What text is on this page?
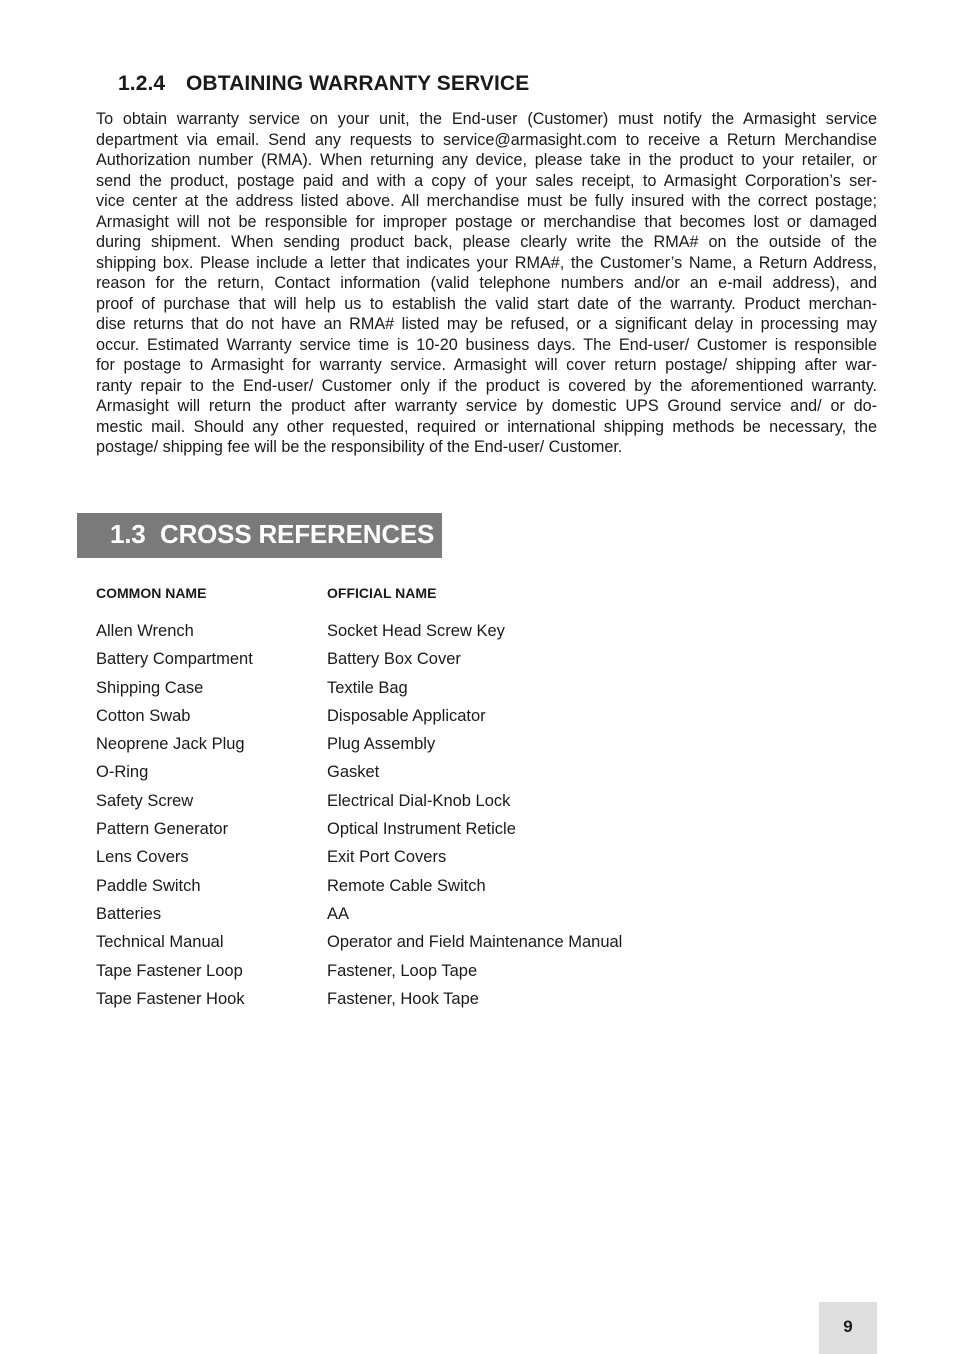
1.2.4 OBTAINING WARRANTY SERVICE
To obtain warranty service on your unit, the End-user (Customer) must notify the Armasight service
department via email. Send any requests to service@armasight.com to receive a Return Merchandise
Authorization number (RMA). When returning any device, please take in the product to your retailer, or
send the product, postage paid and with a copy of your sales receipt, to Armasight Corporation’s ser-
vice center at the address listed above. All merchandise must be fully insured with the correct postage;
Armasight will not be responsible for improper postage or merchandise that becomes lost or damaged
during shipment. When sending product back, please clearly write the RMA# on the outside of the
shipping box. Please include a letter that indicates your RMA#, the Customer’s Name, a Return Address,
reason for the return, Contact information (valid telephone numbers and/or an e-mail address), and
proof of purchase that will help us to establish the valid start date of the warranty. Product merchan-
dise returns that do not have an RMA# listed may be refused, or a significant delay in processing may
occur. Estimated Warranty service time is 10-20 business days. The End-user/ Customer is responsible
for postage to Armasight for warranty service. Armasight will cover return postage/ shipping after war-
ranty repair to the End-user/ Customer only if the product is covered by the aforementioned warranty.
Armasight will return the product after warranty service by domestic UPS Ground service and/ or do-
mestic mail. Should any other requested, required or international shipping methods be necessary, the
postage/ shipping fee will be the responsibility of the End-user/ Customer.
1.3 CROSS REFERENCES
COMMON NAME	OFFICIAL NAME

Allen Wrench	Socket Head Screw Key
Battery Compartment	Battery Box Cover
Shipping Case	Textile Bag
Cotton Swab	Disposable Applicator
Neoprene Jack Plug	Plug Assembly
O-Ring	Gasket
Safety Screw	Electrical Dial-Knob Lock
Pattern Generator	Optical Instrument Reticle
Lens Covers	Exit Port Covers
Paddle Switch	Remote Cable Switch
Batteries	AA
Technical Manual	Operator and Field Maintenance Manual
Tape Fastener Loop	Fastener, Loop Tape
Tape Fastener Hook	Fastener, Hook Tape
9
